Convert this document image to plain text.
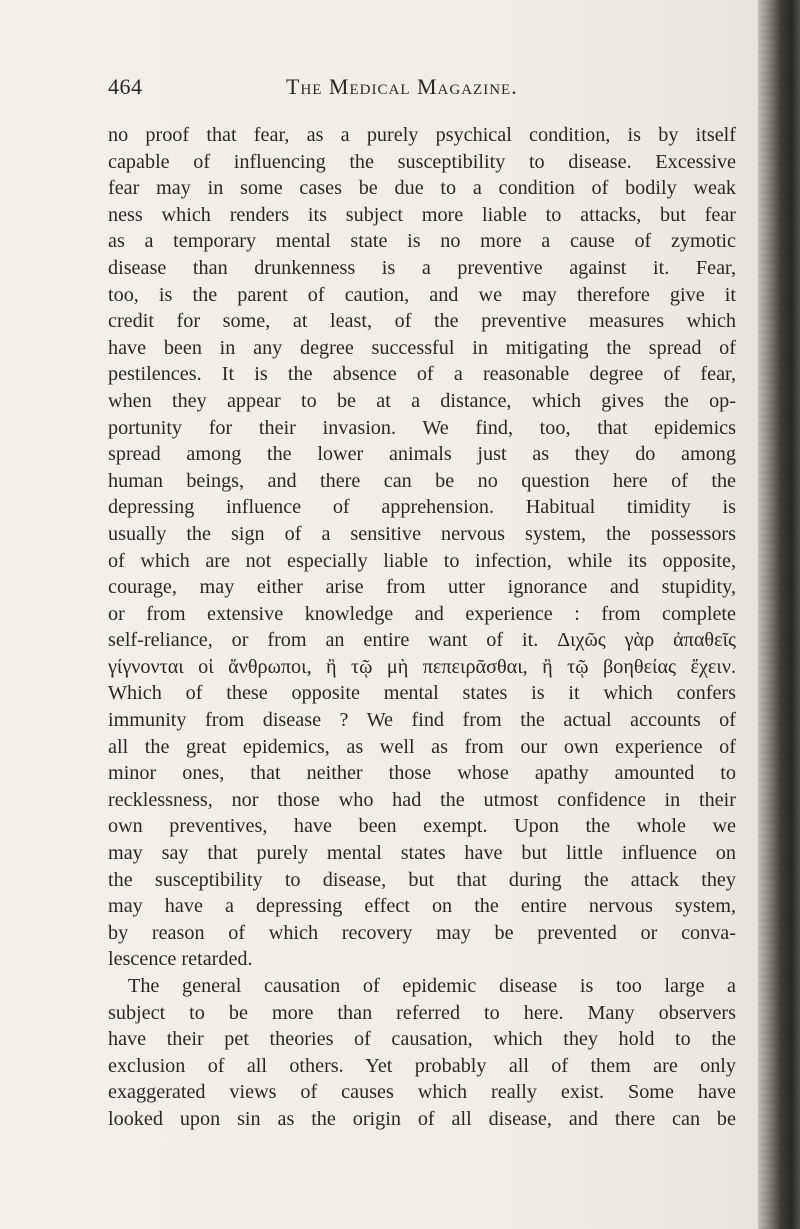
464	The Medical Magazine.
no proof that fear, as a purely psychical condition, is by itself
capable of influencing the susceptibility to disease. Excessive
fear may in some cases be due to a condition of bodily weak
ness which renders its subject more liable to attacks, but fear
as a temporary mental state is no more a cause of zymotic
disease than drunkenness is a preventive against it. Fear,
too, is the parent of caution, and we may therefore give it
credit for some, at least, of the preventive measures which
have been in any degree successful in mitigating the spread of
pestilences. It is the absence of a reasonable degree of fear,
when they appear to be at a distance, which gives the op-
portunity for their invasion. We find, too, that epidemics
spread among the lower animals just as they do among
human beings, and there can be no question here of the
depressing influence of apprehension. Habitual timidity is
usually the sign of a sensitive nervous system, the possessors
of which are not especially liable to infection, while its opposite,
courage, may either arise from utter ignorance and stupidity,
or from extensive knowledge and experience : from complete
self-reliance, or from an entire want of it. Διχῶς γὰρ ἀπαθεῖς
γίγνονται οἱ ἄνθρωποι, ἢ τῷ μὴ πεπειρᾶσθαι, ἢ τῷ βοηθείας ἔχειν.
Which of these opposite mental states is it which confers
immunity from disease ? We find from the actual accounts of
all the great epidemics, as well as from our own experience of
minor ones, that neither those whose apathy amounted to
recklessness, nor those who had the utmost confidence in their
own preventives, have been exempt. Upon the whole we
may say that purely mental states have but little influence on
the susceptibility to disease, but that during the attack they
may have a depressing effect on the entire nervous system,
by reason of which recovery may be prevented or conva-
lescence retarded.
The general causation of epidemic disease is too large a
subject to be more than referred to here. Many observers
have their pet theories of causation, which they hold to the
exclusion of all others. Yet probably all of them are only
exaggerated views of causes which really exist. Some have
looked upon sin as the origin of all disease, and there can be
